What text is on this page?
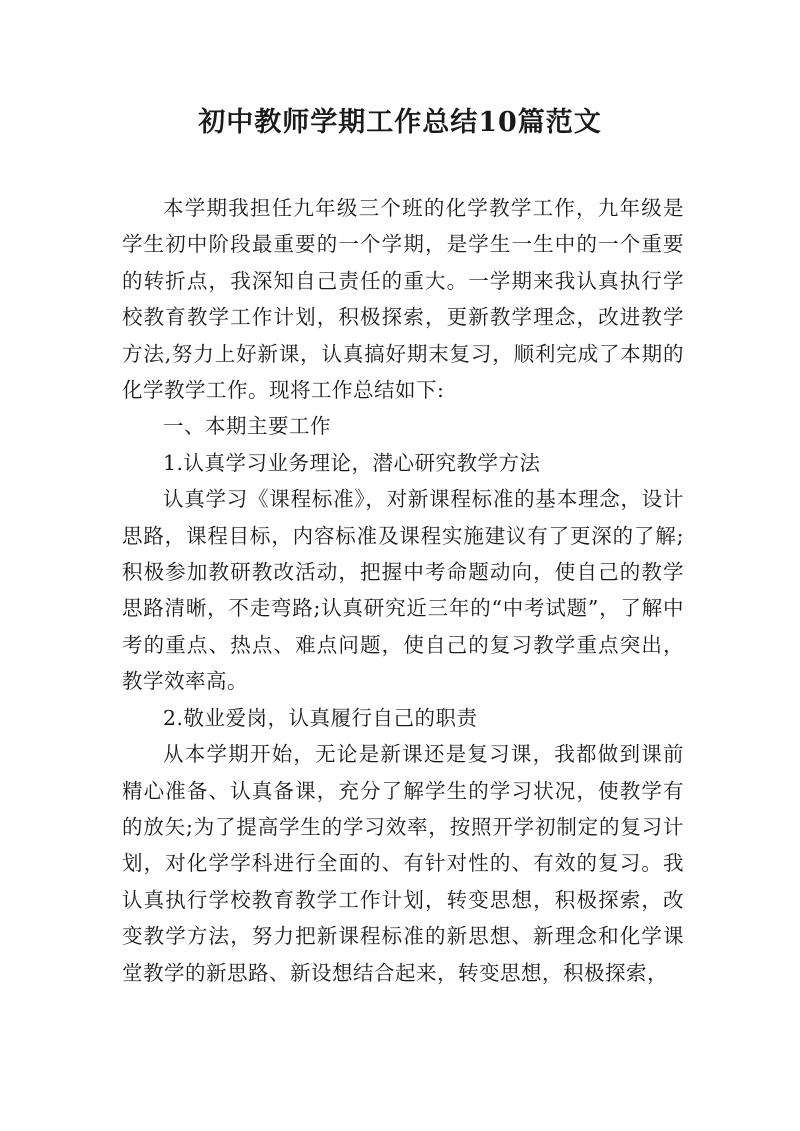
初中教师学期工作总结10篇范文

本学期我担任九年级三个班的化学教学工作，九年级是学生初中阶段最重要的一个学期，是学生一生中的一个重要的转折点，我深知自己责任的重大。一学期来我认真执行学校教育教学工作计划，积极探索，更新教学理念，改进教学方法,努力上好新课，认真搞好期末复习，顺利完成了本期的化学教学工作。现将工作总结如下:

一、本期主要工作

1.认真学习业务理论，潜心研究教学方法

认真学习《课程标准》，对新课程标准的基本理念，设计思路，课程目标，内容标准及课程实施建议有了更深的了解;积极参加教研教改活动，把握中考命题动向，使自己的教学思路清晰，不走弯路;认真研究近三年的“中考试题”，了解中考的重点、热点、难点问题，使自己的复习教学重点突出，教学效率高。

2.敬业爱岗，认真履行自己的职责

从本学期开始，无论是新课还是复习课，我都做到课前精心准备、认真备课，充分了解学生的学习状况，使教学有的放矢;为了提高学生的学习效率，按照开学初制定的复习计划，对化学学科进行全面的、有针对性的、有效的复习。我认真执行学校教育教学工作计划，转变思想，积极探索，改变教学方法，努力把新课程标准的新思想、新理念和化学课堂教学的新思路、新设想结合起来，转变思想，积极探索，
